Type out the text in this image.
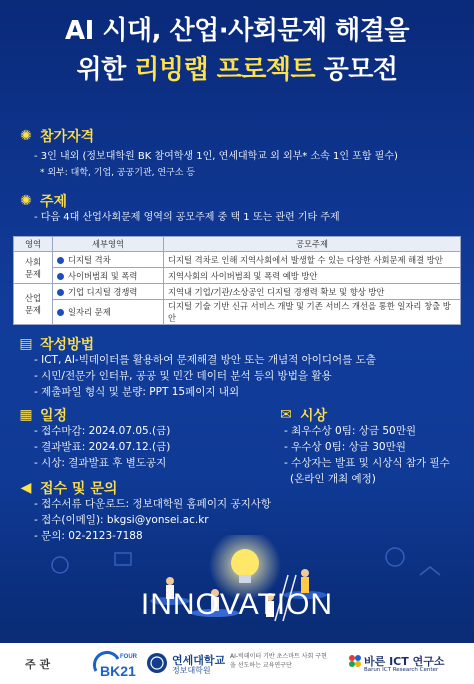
AI 시대, 산업·사회문제 해결을
위한 리빙랩 프로젝트 공모전
✺ 참가자격
- 3인 내외 (정보대학원 BK 참여학생 1인, 연세대학교 외 외부* 소속 1인 포함 필수)
* 외부: 대학, 기업, 공공기관, 연구소 등
✺ 주제
- 다음 4대 산업사회문제 영역의 공모주제 중 택 1 또는 관련 기타 주제
영역	세부영역	공모주제
사회
문제	디지털 격차	디지털 격차로 인해 지역사회에서 발생할 수 있는 다양한 사회문제 해결 방안
	사이버범죄 및 폭력	지역사회의 사이버범죄 및 폭력 예방 방안
산업
문제	기업 디지털 경쟁력	지역내 기업/기관/소상공인 디지털 경쟁력 확보 및 향상 방안
	일자리 문제	디지털 기술 기반 신규 서비스 개발 및 기존 서비스 개선을 통한 일자리 창출 방안
▤ 작성방법
- ICT, AI-빅데이터를 활용하여 문제해결 방안 또는 개념적 아이디어를 도출
- 시민/전문가 인터뷰, 공공 및 민간 데이터 분석 등의 방법을 활용
- 제출파일 형식 및 분량: PPT 15페이지 내외
▦ 일정
- 접수마감: 2024.07.05.(금)
- 결과발표: 2024.07.12.(금)
- 시상: 결과발표 후 별도공지
✉ 시상
- 최우수상 0팀: 상금 50만원
- 우수상 0팀: 상금 30만원
- 수상자는 발표 및 시상식 참가 필수
(온라인 개최 예정)
◀ 접수 및 문의
- 접수서류 다운로드: 정보대학원 홈페이지 공지사항
- 접수(이메일): bkgsi@yonsei.ac.kr
- 문의: 02-2123-7188
INNOVATION
주 관
FOUR
BK21
연세대학교
정보대학원
AI-빅데이터 기반 초스마트 사회 구현을 선도하는 교육연구단	바른 ICT 연구소
Barun ICT Research Center
